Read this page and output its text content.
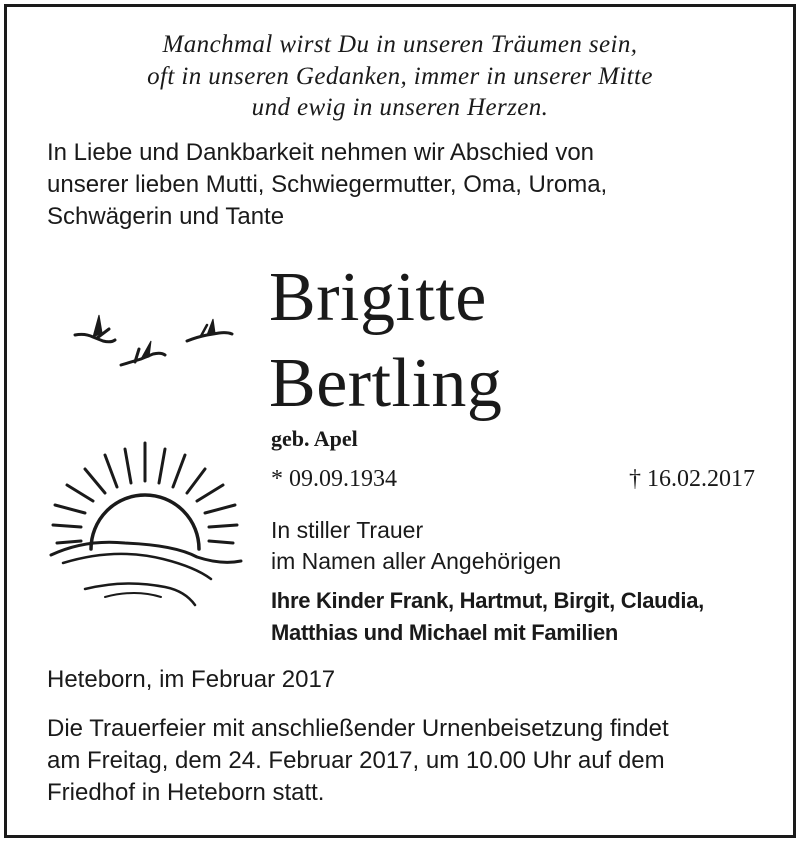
Manchmal wirst Du in unseren Träumen sein,
oft in unseren Gedanken, immer in unserer Mitte
und ewig in unseren Herzen.
In Liebe und Dankbarkeit nehmen wir Abschied von
unserer lieben Mutti, Schwiegermutter, Oma, Uroma,
Schwägerin und Tante
Brigitte
Bertling
geb. Apel
* 09.09.1934	† 16.02.2017
In stiller Trauer
im Namen aller Angehörigen
Ihre Kinder Frank, Hartmut, Birgit, Claudia,
Matthias und Michael mit Familien
Heteborn, im Februar 2017
Die Trauerfeier mit anschließender Urnenbeisetzung findet
am Freitag, dem 24. Februar 2017, um 10.00 Uhr auf dem
Friedhof in Heteborn statt.
